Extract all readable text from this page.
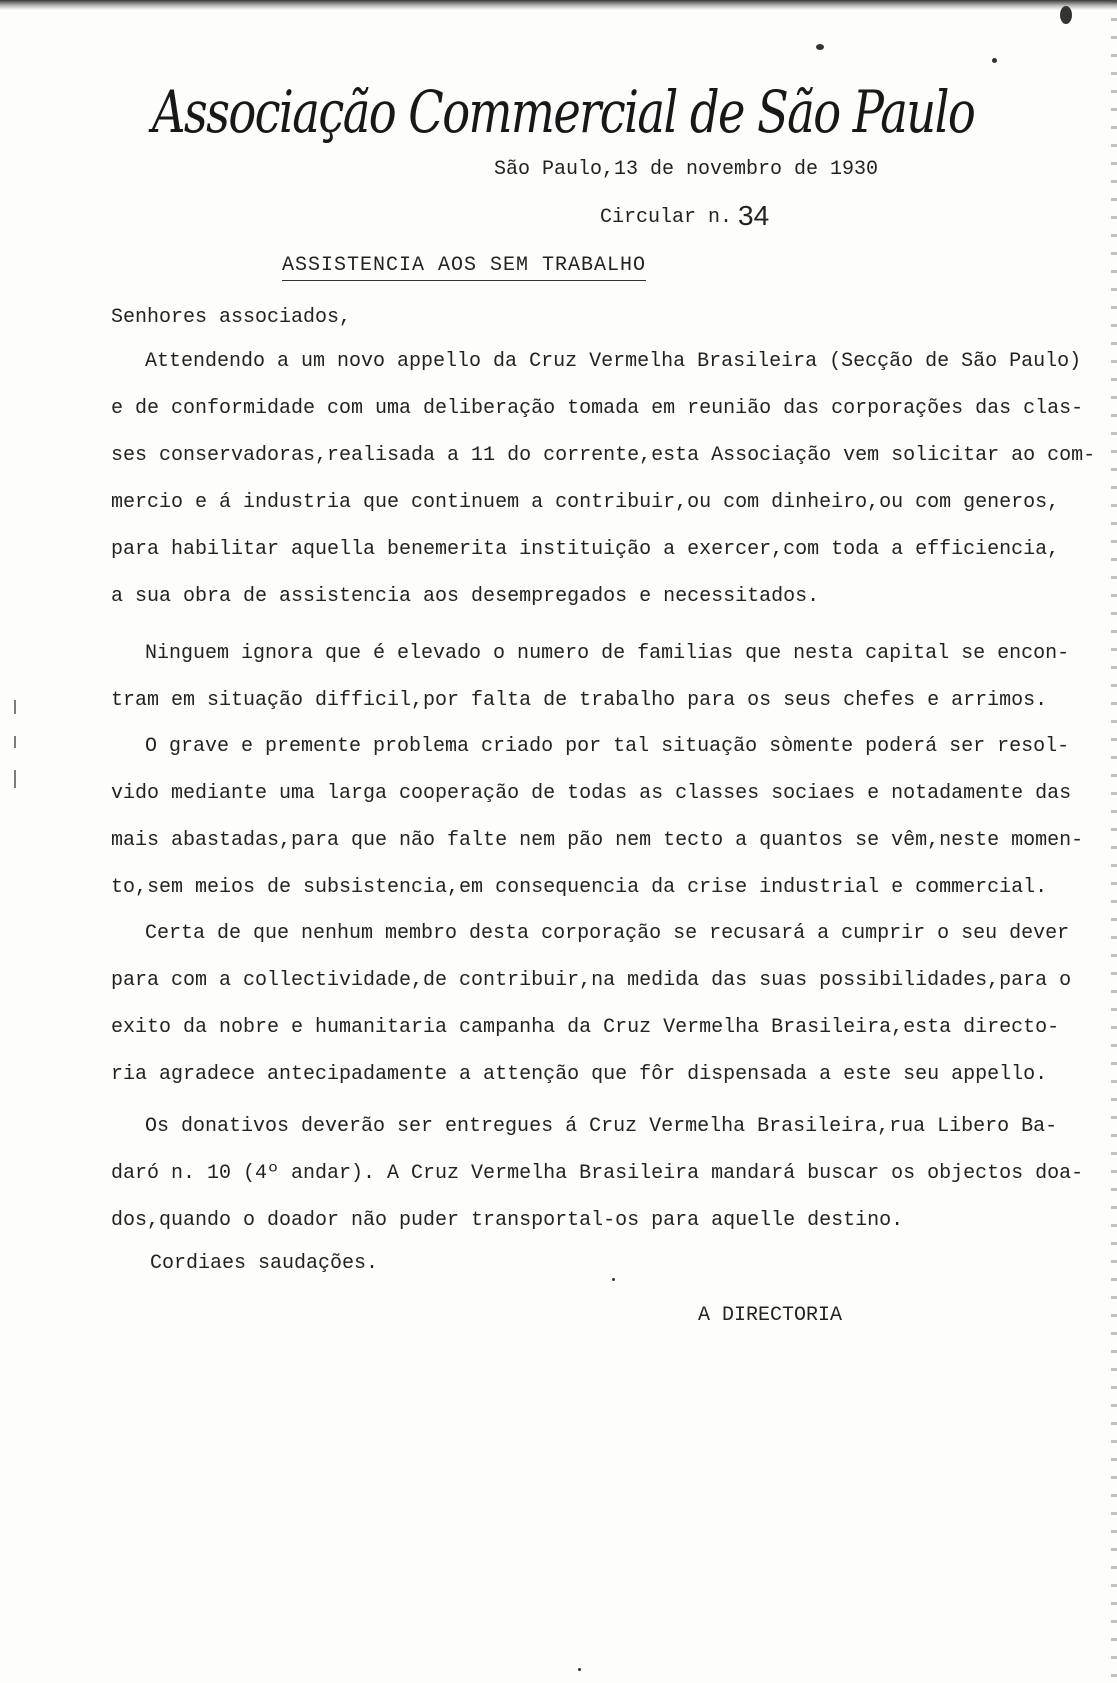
Associação Commercial de São Paulo
São Paulo,13 de novembro de 1930
Circular n. 34
ASSISTENCIA AOS SEM TRABALHO
Senhores associados,
Attendendo a um novo appello da Cruz Vermelha Brasileira (Secção de São Paulo)
e de conformidade com uma deliberação tomada em reunião das corporações das clas-
ses conservadoras,realisada a 11 do corrente,esta Associação vem solicitar ao com-
mercio e á industria que continuem a contribuir,ou com dinheiro,ou com generos,
para habilitar aquella benemerita instituição a exercer,com toda a efficiencia,
a sua obra de assistencia aos desempregados e necessitados.
Ninguem ignora que é elevado o numero de familias que nesta capital se encon-
tram em situação difficil,por falta de trabalho para os seus chefes e arrimos.
O grave e premente problema criado por tal situação sòmente poderá ser resol-
vido mediante uma larga cooperação de todas as classes sociaes e notadamente das
mais abastadas,para que não falte nem pão nem tecto a quantos se vêm,neste momen-
to,sem meios de subsistencia,em consequencia da crise industrial e commercial.
Certa de que nenhum membro desta corporação se recusará a cumprir o seu dever
para com a collectividade,de contribuir,na medida das suas possibilidades,para o
exito da nobre e humanitaria campanha da Cruz Vermelha Brasileira,esta directo-
ria agradece antecipadamente a attenção que fôr dispensada a este seu appello.
Os donativos deverão ser entregues á Cruz Vermelha Brasileira,rua Libero Ba-
daró n. 10 (4º andar). A Cruz Vermelha Brasileira mandará buscar os objectos doa-
dos,quando o doador não puder transportal-os para aquelle destino.
Cordiaes saudações.
A DIRECTORIA
